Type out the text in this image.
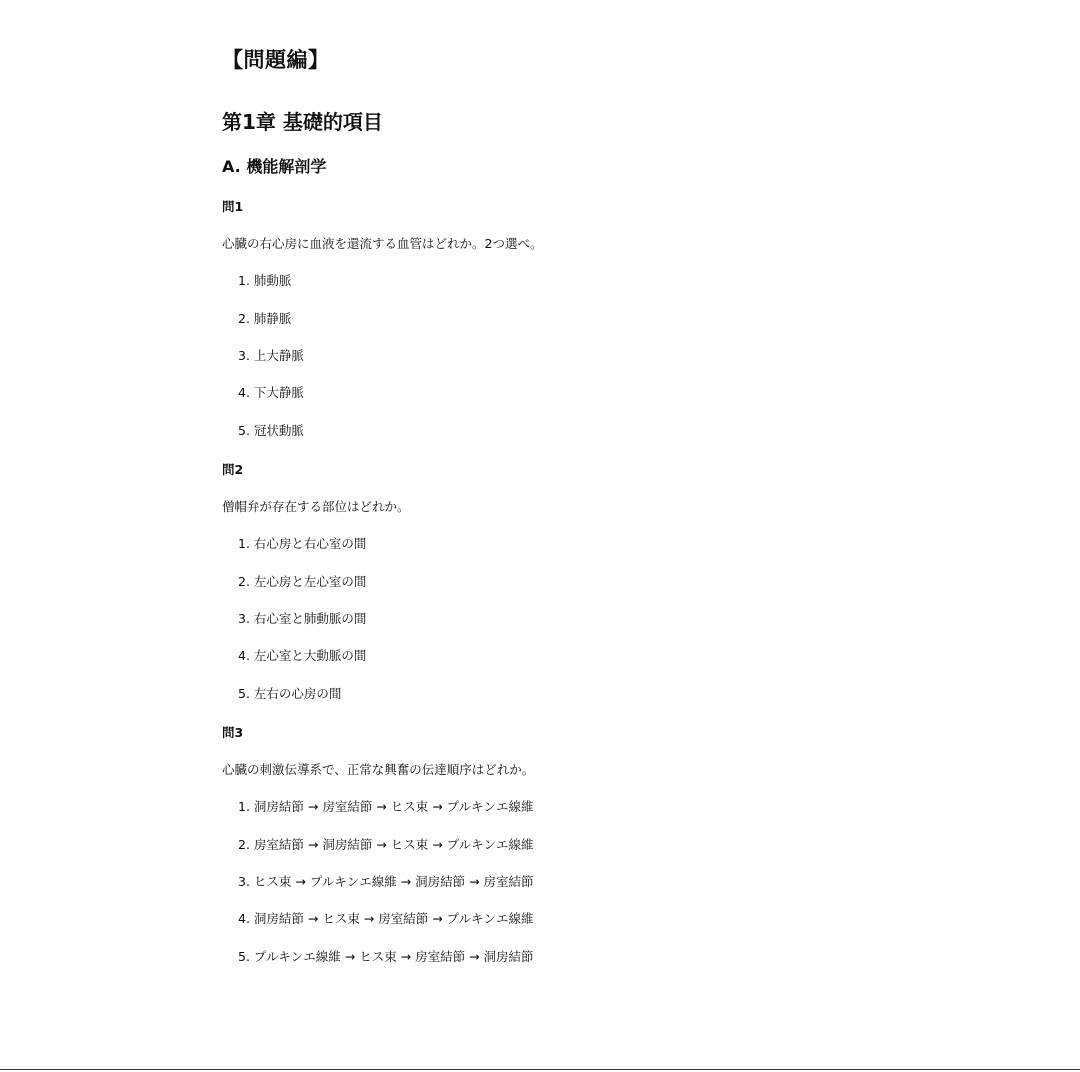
【問題編】
第1章 基礎的項目
A. 機能解剖学
問1
心臓の右心房に血液を還流する血管はどれか。2つ選べ。
1. 肺動脈
2. 肺静脈
3. 上大静脈
4. 下大静脈
5. 冠状動脈
問2
僧帽弁が存在する部位はどれか。
1. 右心房と右心室の間
2. 左心房と左心室の間
3. 右心室と肺動脈の間
4. 左心室と大動脈の間
5. 左右の心房の間
問3
心臓の刺激伝導系で、正常な興奮の伝達順序はどれか。
1. 洞房結節 → 房室結節 → ヒス束 → プルキンエ線維
2. 房室結節 → 洞房結節 → ヒス束 → プルキンエ線維
3. ヒス束 → プルキンエ線維 → 洞房結節 → 房室結節
4. 洞房結節 → ヒス束 → 房室結節 → プルキンエ線維
5. プルキンエ線維 → ヒス束 → 房室結節 → 洞房結節
